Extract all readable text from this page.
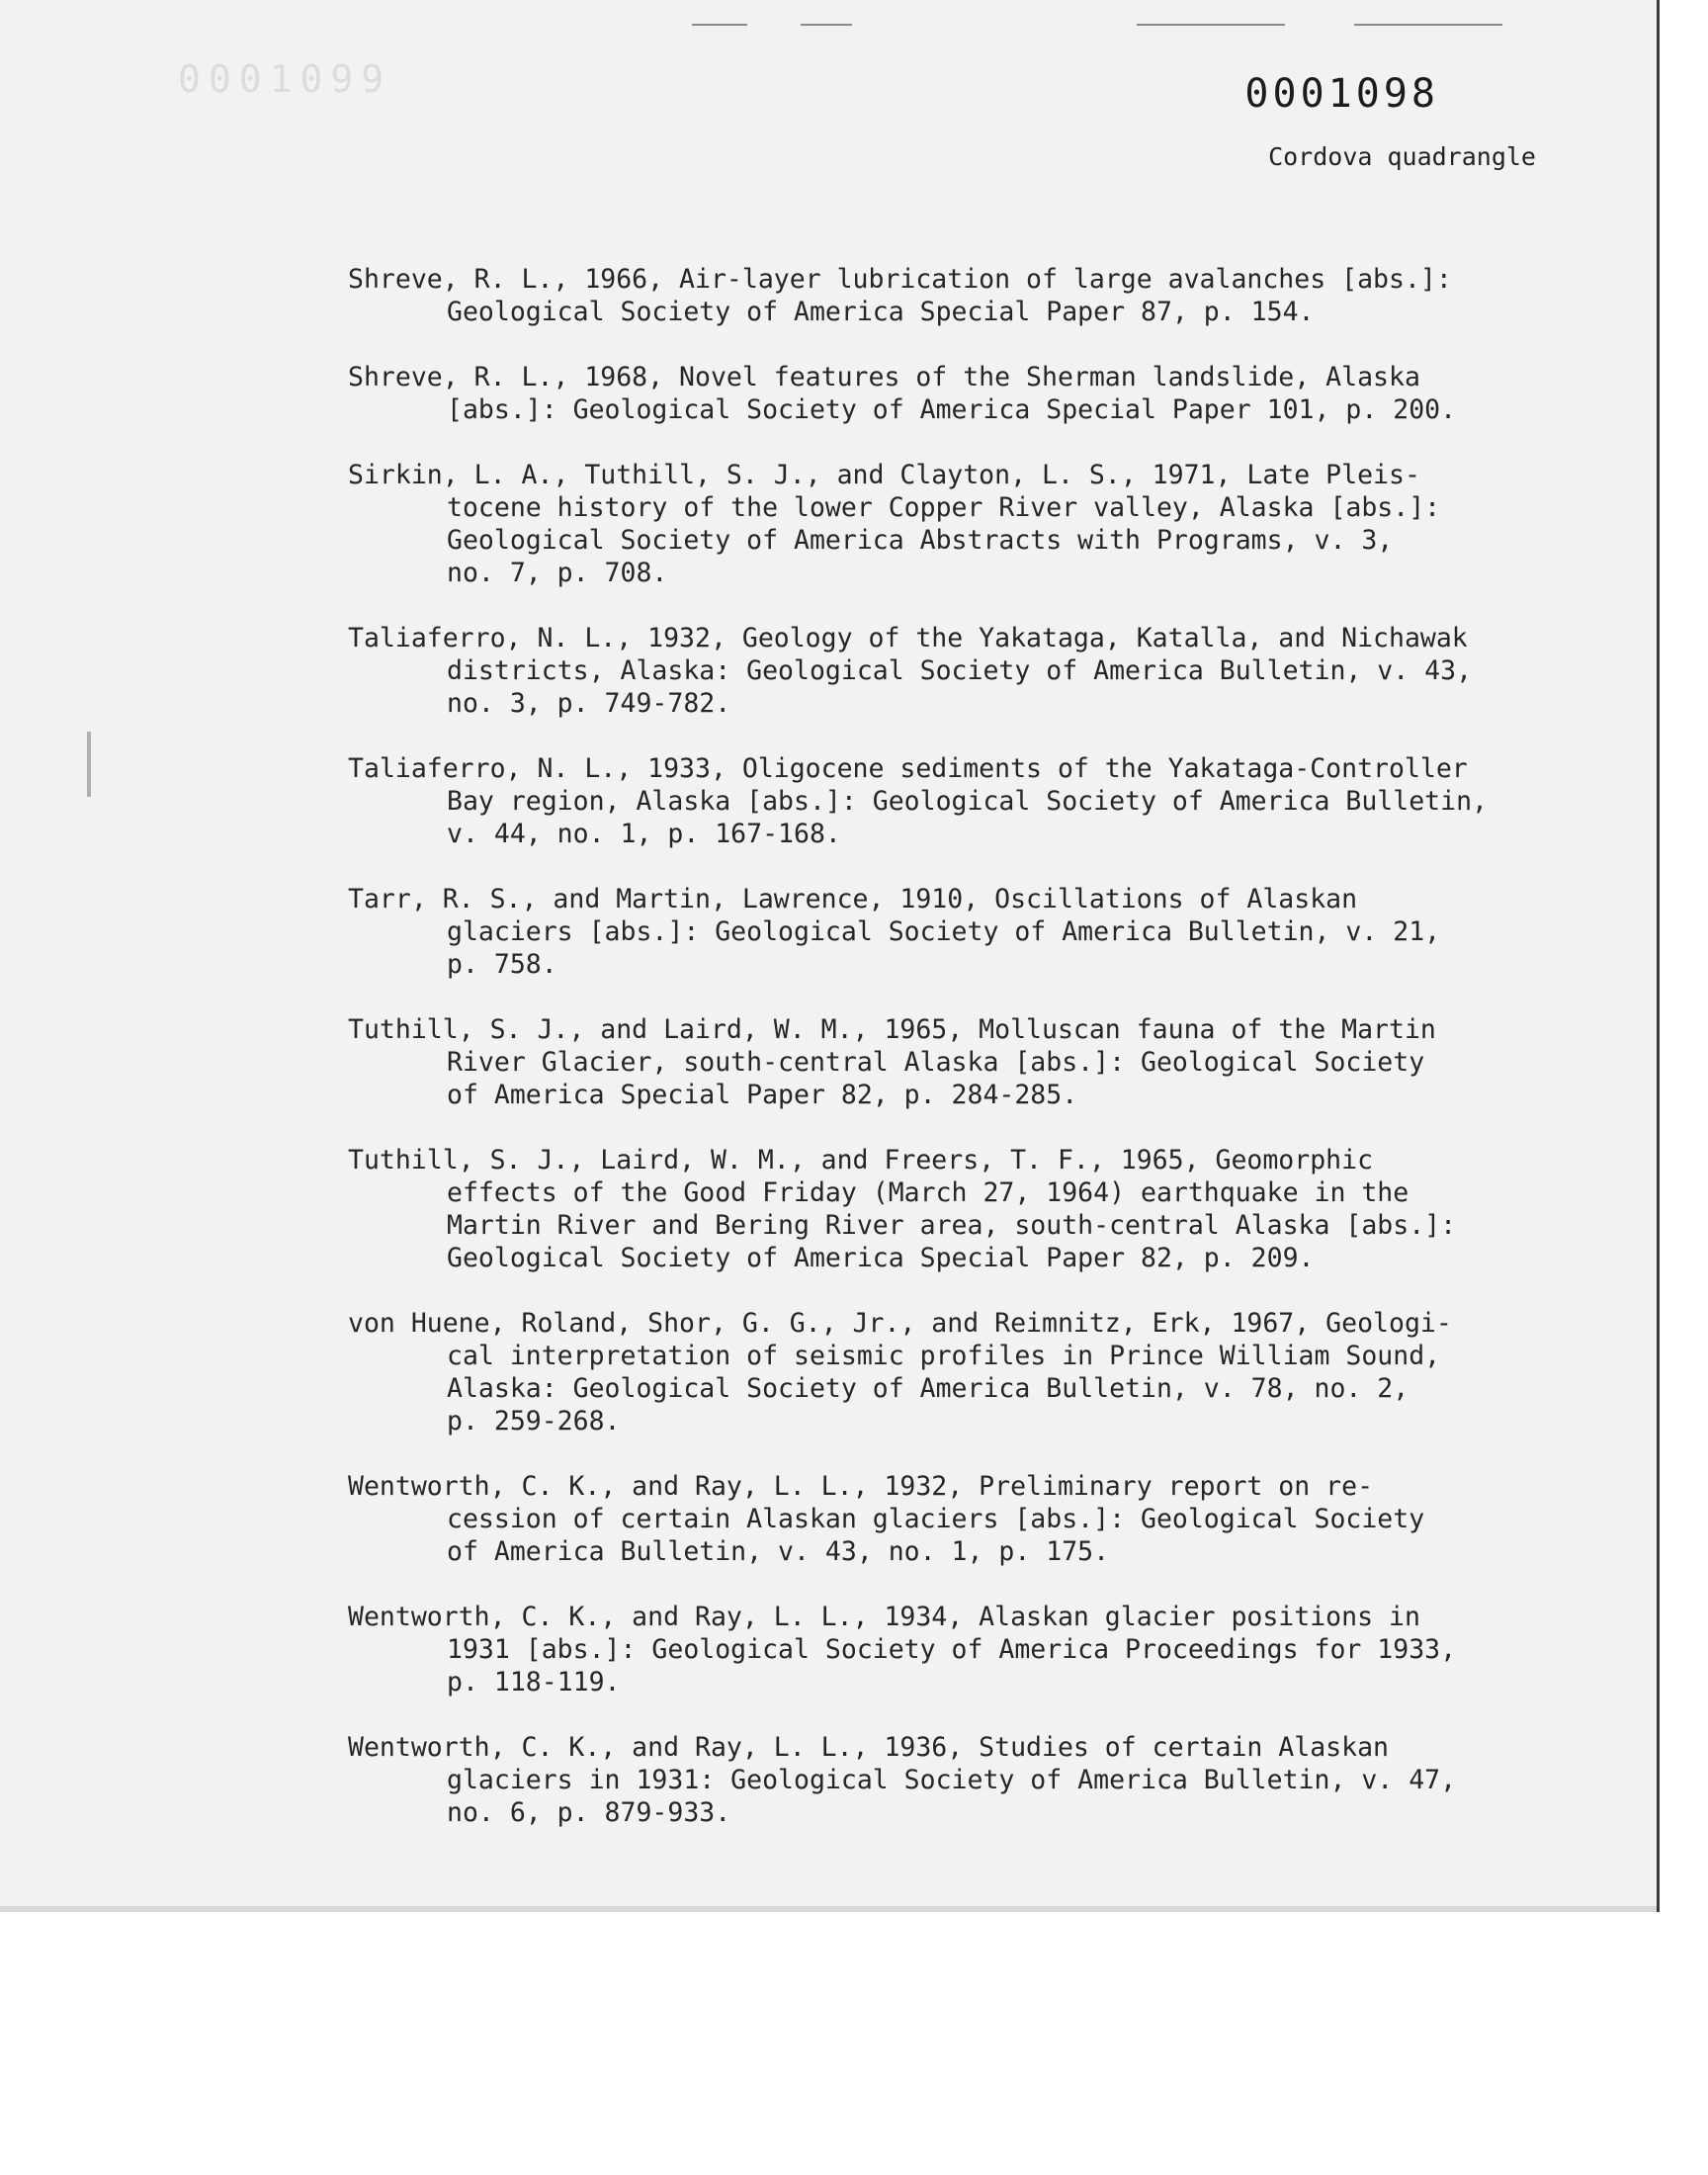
0001099	0001098
Cordova quadrangle
Shreve, R. L., 1966, Air-layer lubrication of large avalanches [abs.]:
Geological Society of America Special Paper 87, p. 154.
Shreve, R. L., 1968, Novel features of the Sherman landslide, Alaska
[abs.]: Geological Society of America Special Paper 101, p. 200.
Sirkin, L. A., Tuthill, S. J., and Clayton, L. S., 1971, Late Pleis-
tocene history of the lower Copper River valley, Alaska [abs.]:
Geological Society of America Abstracts with Programs, v. 3,
no. 7, p. 708.
Taliaferro, N. L., 1932, Geology of the Yakataga, Katalla, and Nichawak
districts, Alaska: Geological Society of America Bulletin, v. 43,
no. 3, p. 749-782.
Taliaferro, N. L., 1933, Oligocene sediments of the Yakataga-Controller
Bay region, Alaska [abs.]: Geological Society of America Bulletin,
v. 44, no. 1, p. 167-168.
Tarr, R. S., and Martin, Lawrence, 1910, Oscillations of Alaskan
glaciers [abs.]: Geological Society of America Bulletin, v. 21,
p. 758.
Tuthill, S. J., and Laird, W. M., 1965, Molluscan fauna of the Martin
River Glacier, south-central Alaska [abs.]: Geological Society
of America Special Paper 82, p. 284-285.
Tuthill, S. J., Laird, W. M., and Freers, T. F., 1965, Geomorphic
effects of the Good Friday (March 27, 1964) earthquake in the
Martin River and Bering River area, south-central Alaska [abs.]:
Geological Society of America Special Paper 82, p. 209.
von Huene, Roland, Shor, G. G., Jr., and Reimnitz, Erk, 1967, Geologi-
cal interpretation of seismic profiles in Prince William Sound,
Alaska: Geological Society of America Bulletin, v. 78, no. 2,
p. 259-268.
Wentworth, C. K., and Ray, L. L., 1932, Preliminary report on re-
cession of certain Alaskan glaciers [abs.]: Geological Society
of America Bulletin, v. 43, no. 1, p. 175.
Wentworth, C. K., and Ray, L. L., 1934, Alaskan glacier positions in
1931 [abs.]: Geological Society of America Proceedings for 1933,
p. 118-119.
Wentworth, C. K., and Ray, L. L., 1936, Studies of certain Alaskan
glaciers in 1931: Geological Society of America Bulletin, v. 47,
no. 6, p. 879-933.
